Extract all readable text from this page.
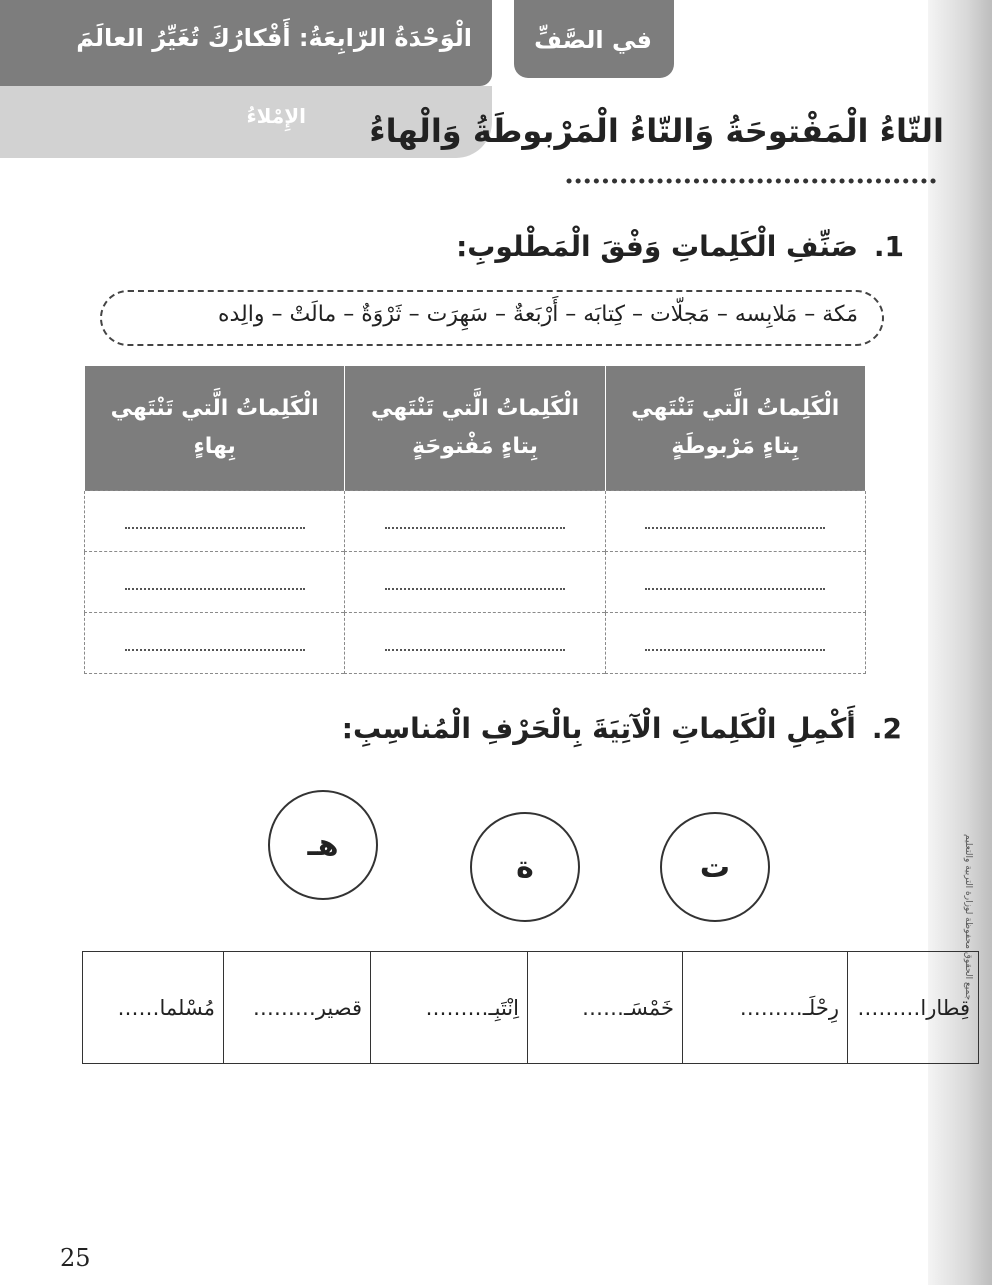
جميع الحقوق محفوظة لوزارة التربية والتعليم
الْوَحْدَةُ الرّابِعَةُ: أَفْكارُكَ تُغَيِّرُ العالَمَ
الإِمْلاءُ
في الصَّفِّ
التّاءُ الْمَفْتوحَةُ وَالتّاءُ الْمَرْبوطَةُ وَالْهاءُ
1.صَنِّفِ الْكَلِماتِ وَفْقَ الْمَطْلوبِ:
مَكة – مَلابِسه – مَجلّات – كِتابَه – أَرْبَعةٌ – سَهِرَت – ثَرْوَةٌ – مالَتْ – والِده
الْكَلِماتُ الَّتي تَنْتَهي بِتاءٍ مَرْبوطَةٍ	الْكَلِماتُ الَّتي تَنْتَهي بِتاءٍ مَفْتوحَةٍ	الْكَلِماتُ الَّتي تَنْتَهي بِهاءٍ

2.أَكْمِلِ الْكَلِماتِ الْآتِيَةَ بِالْحَرْفِ الْمُناسِبِ:
ت
ة
هـ
قِطارا………	رِحْلَـ………	خَمْسَـ……	اِنْتَبِـ………	قصير………	مُسْلما……
25
